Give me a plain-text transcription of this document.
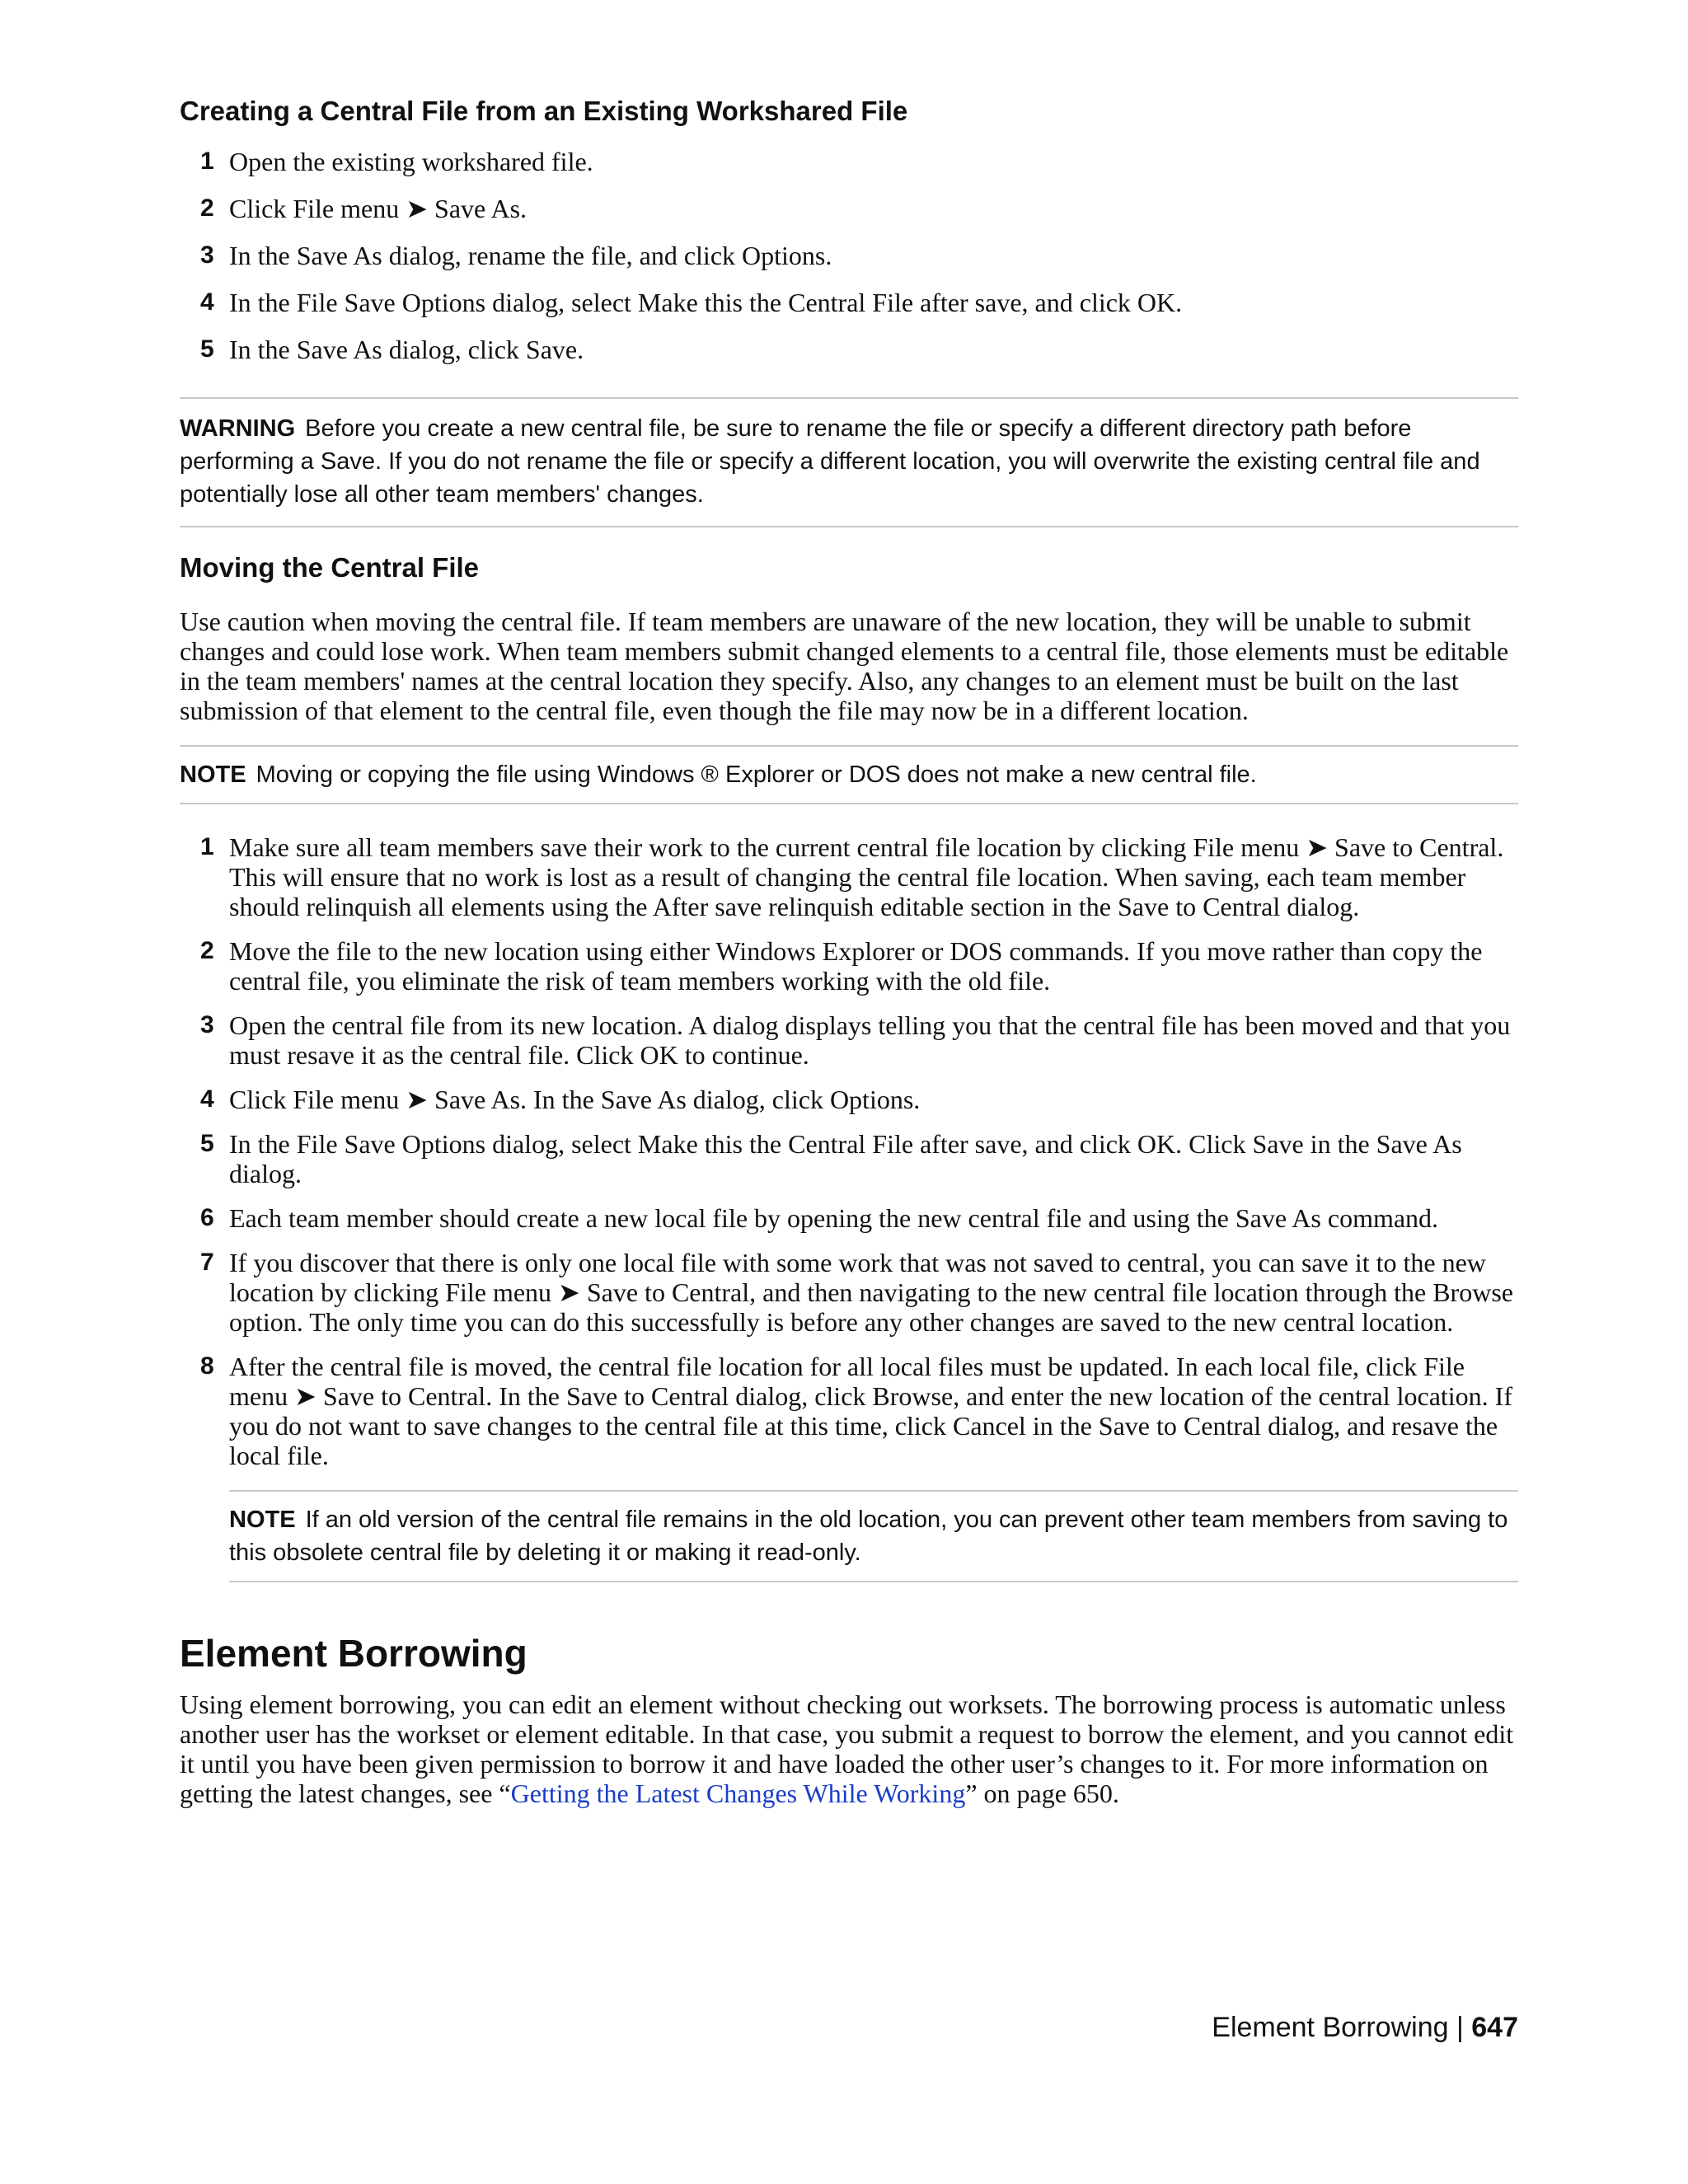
Creating a Central File from an Existing Workshared File
1 Open the existing workshared file.
2 Click File menu ➤ Save As.
3 In the Save As dialog, rename the file, and click Options.
4 In the File Save Options dialog, select Make this the Central File after save, and click OK.
5 In the Save As dialog, click Save.
WARNING Before you create a new central file, be sure to rename the file or specify a different directory path before performing a Save. If you do not rename the file or specify a different location, you will overwrite the existing central file and potentially lose all other team members' changes.
Moving the Central File

Use caution when moving the central file. If team members are unaware of the new location, they will be unable to submit changes and could lose work. When team members submit changed elements to a central file, those elements must be editable in the team members' names at the central location they specify. Also, any changes to an element must be built on the last submission of that element to the central file, even though the file may now be in a different location.

NOTE Moving or copying the file using Windows ® Explorer or DOS does not make a new central file.
1 Make sure all team members save their work to the current central file location by clicking File menu ➤ Save to Central. This will ensure that no work is lost as a result of changing the central file location. When saving, each team member should relinquish all elements using the After save relinquish editable section in the Save to Central dialog.
2 Move the file to the new location using either Windows Explorer or DOS commands. If you move rather than copy the central file, you eliminate the risk of team members working with the old file.
3 Open the central file from its new location. A dialog displays telling you that the central file has been moved and that you must resave it as the central file. Click OK to continue.
4 Click File menu ➤ Save As. In the Save As dialog, click Options.
5 In the File Save Options dialog, select Make this the Central File after save, and click OK. Click Save in the Save As dialog.
6 Each team member should create a new local file by opening the new central file and using the Save As command.
7 If you discover that there is only one local file with some work that was not saved to central, you can save it to the new location by clicking File menu ➤ Save to Central, and then navigating to the new central file location through the Browse option. The only time you can do this successfully is before any other changes are saved to the new central location.
8 After the central file is moved, the central file location for all local files must be updated. In each local file, click File menu ➤ Save to Central. In the Save to Central dialog, click Browse, and enter the new location of the central location. If you do not want to save changes to the central file at this time, click Cancel in the Save to Central dialog, and resave the local file.
NOTE If an old version of the central file remains in the old location, you can prevent other team members from saving to this obsolete central file by deleting it or making it read-only.
Element Borrowing

Using element borrowing, you can edit an element without checking out worksets. The borrowing process is automatic unless another user has the workset or element editable. In that case, you submit a request to borrow the element, and you cannot edit it until you have been given permission to borrow it and have loaded the other user’s changes to it. For more information on getting the latest changes, see “Getting the Latest Changes While Working” on page 650.

Element Borrowing | 647
